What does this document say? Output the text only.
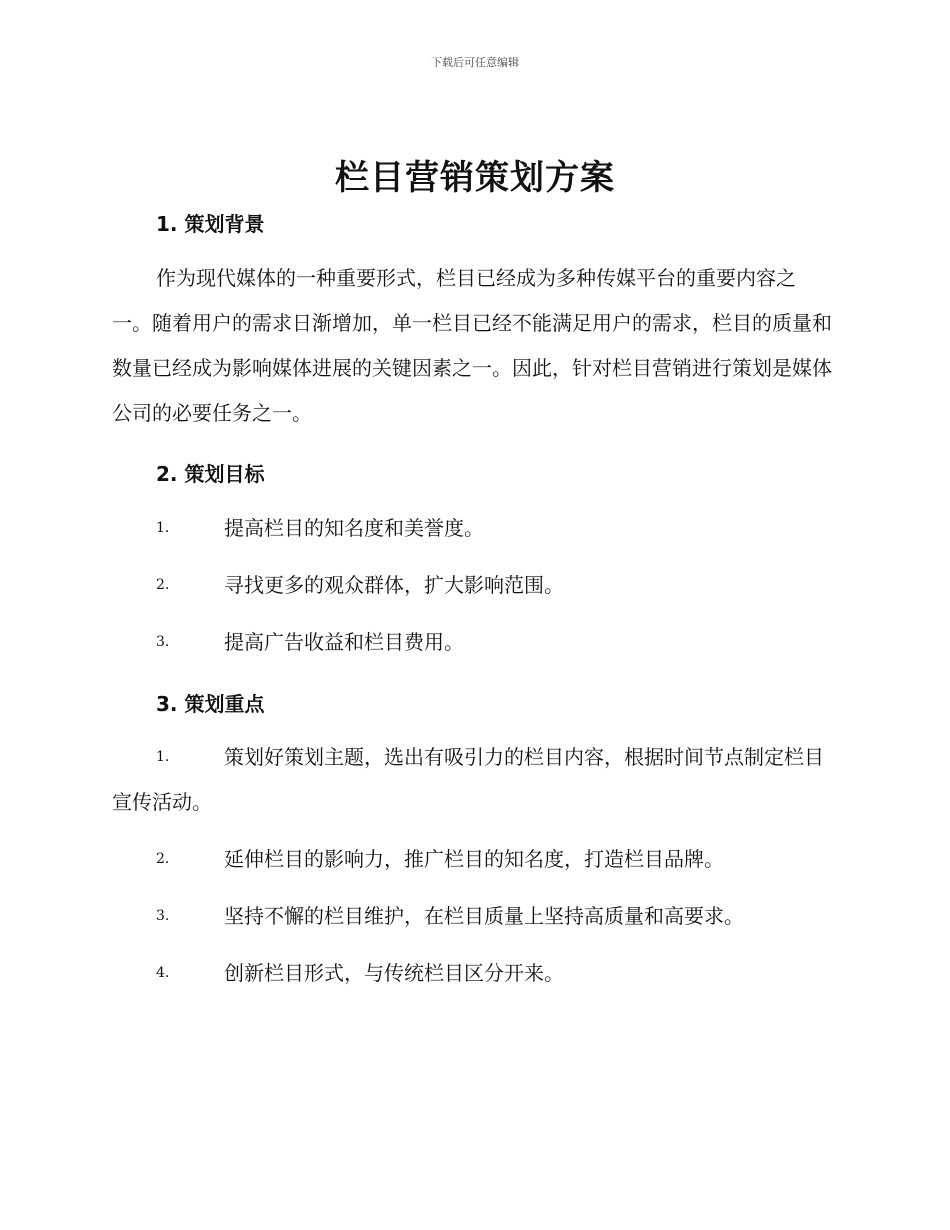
下载后可任意编辑
栏目营销策划方案
1. 策划背景

作为现代媒体的一种重要形式，栏目已经成为多种传媒平台的重要内容之一。随着用户的需求日渐增加，单一栏目已经不能满足用户的需求，栏目的质量和数量已经成为影响媒体进展的关键因素之一。因此，针对栏目营销进行策划是媒体公司的必要任务之一。

2. 策划目标
1.	提高栏目的知名度和美誉度。
2.	寻找更多的观众群体，扩大影响范围。
3.	提高广告收益和栏目费用。
3. 策划重点
1.	策划好策划主题，选出有吸引力的栏目内容，根据时间节点制定栏目宣传活动。
2.	延伸栏目的影响力，推广栏目的知名度，打造栏目品牌。
3.	坚持不懈的栏目维护，在栏目质量上坚持高质量和高要求。
4.	创新栏目形式，与传统栏目区分开来。
